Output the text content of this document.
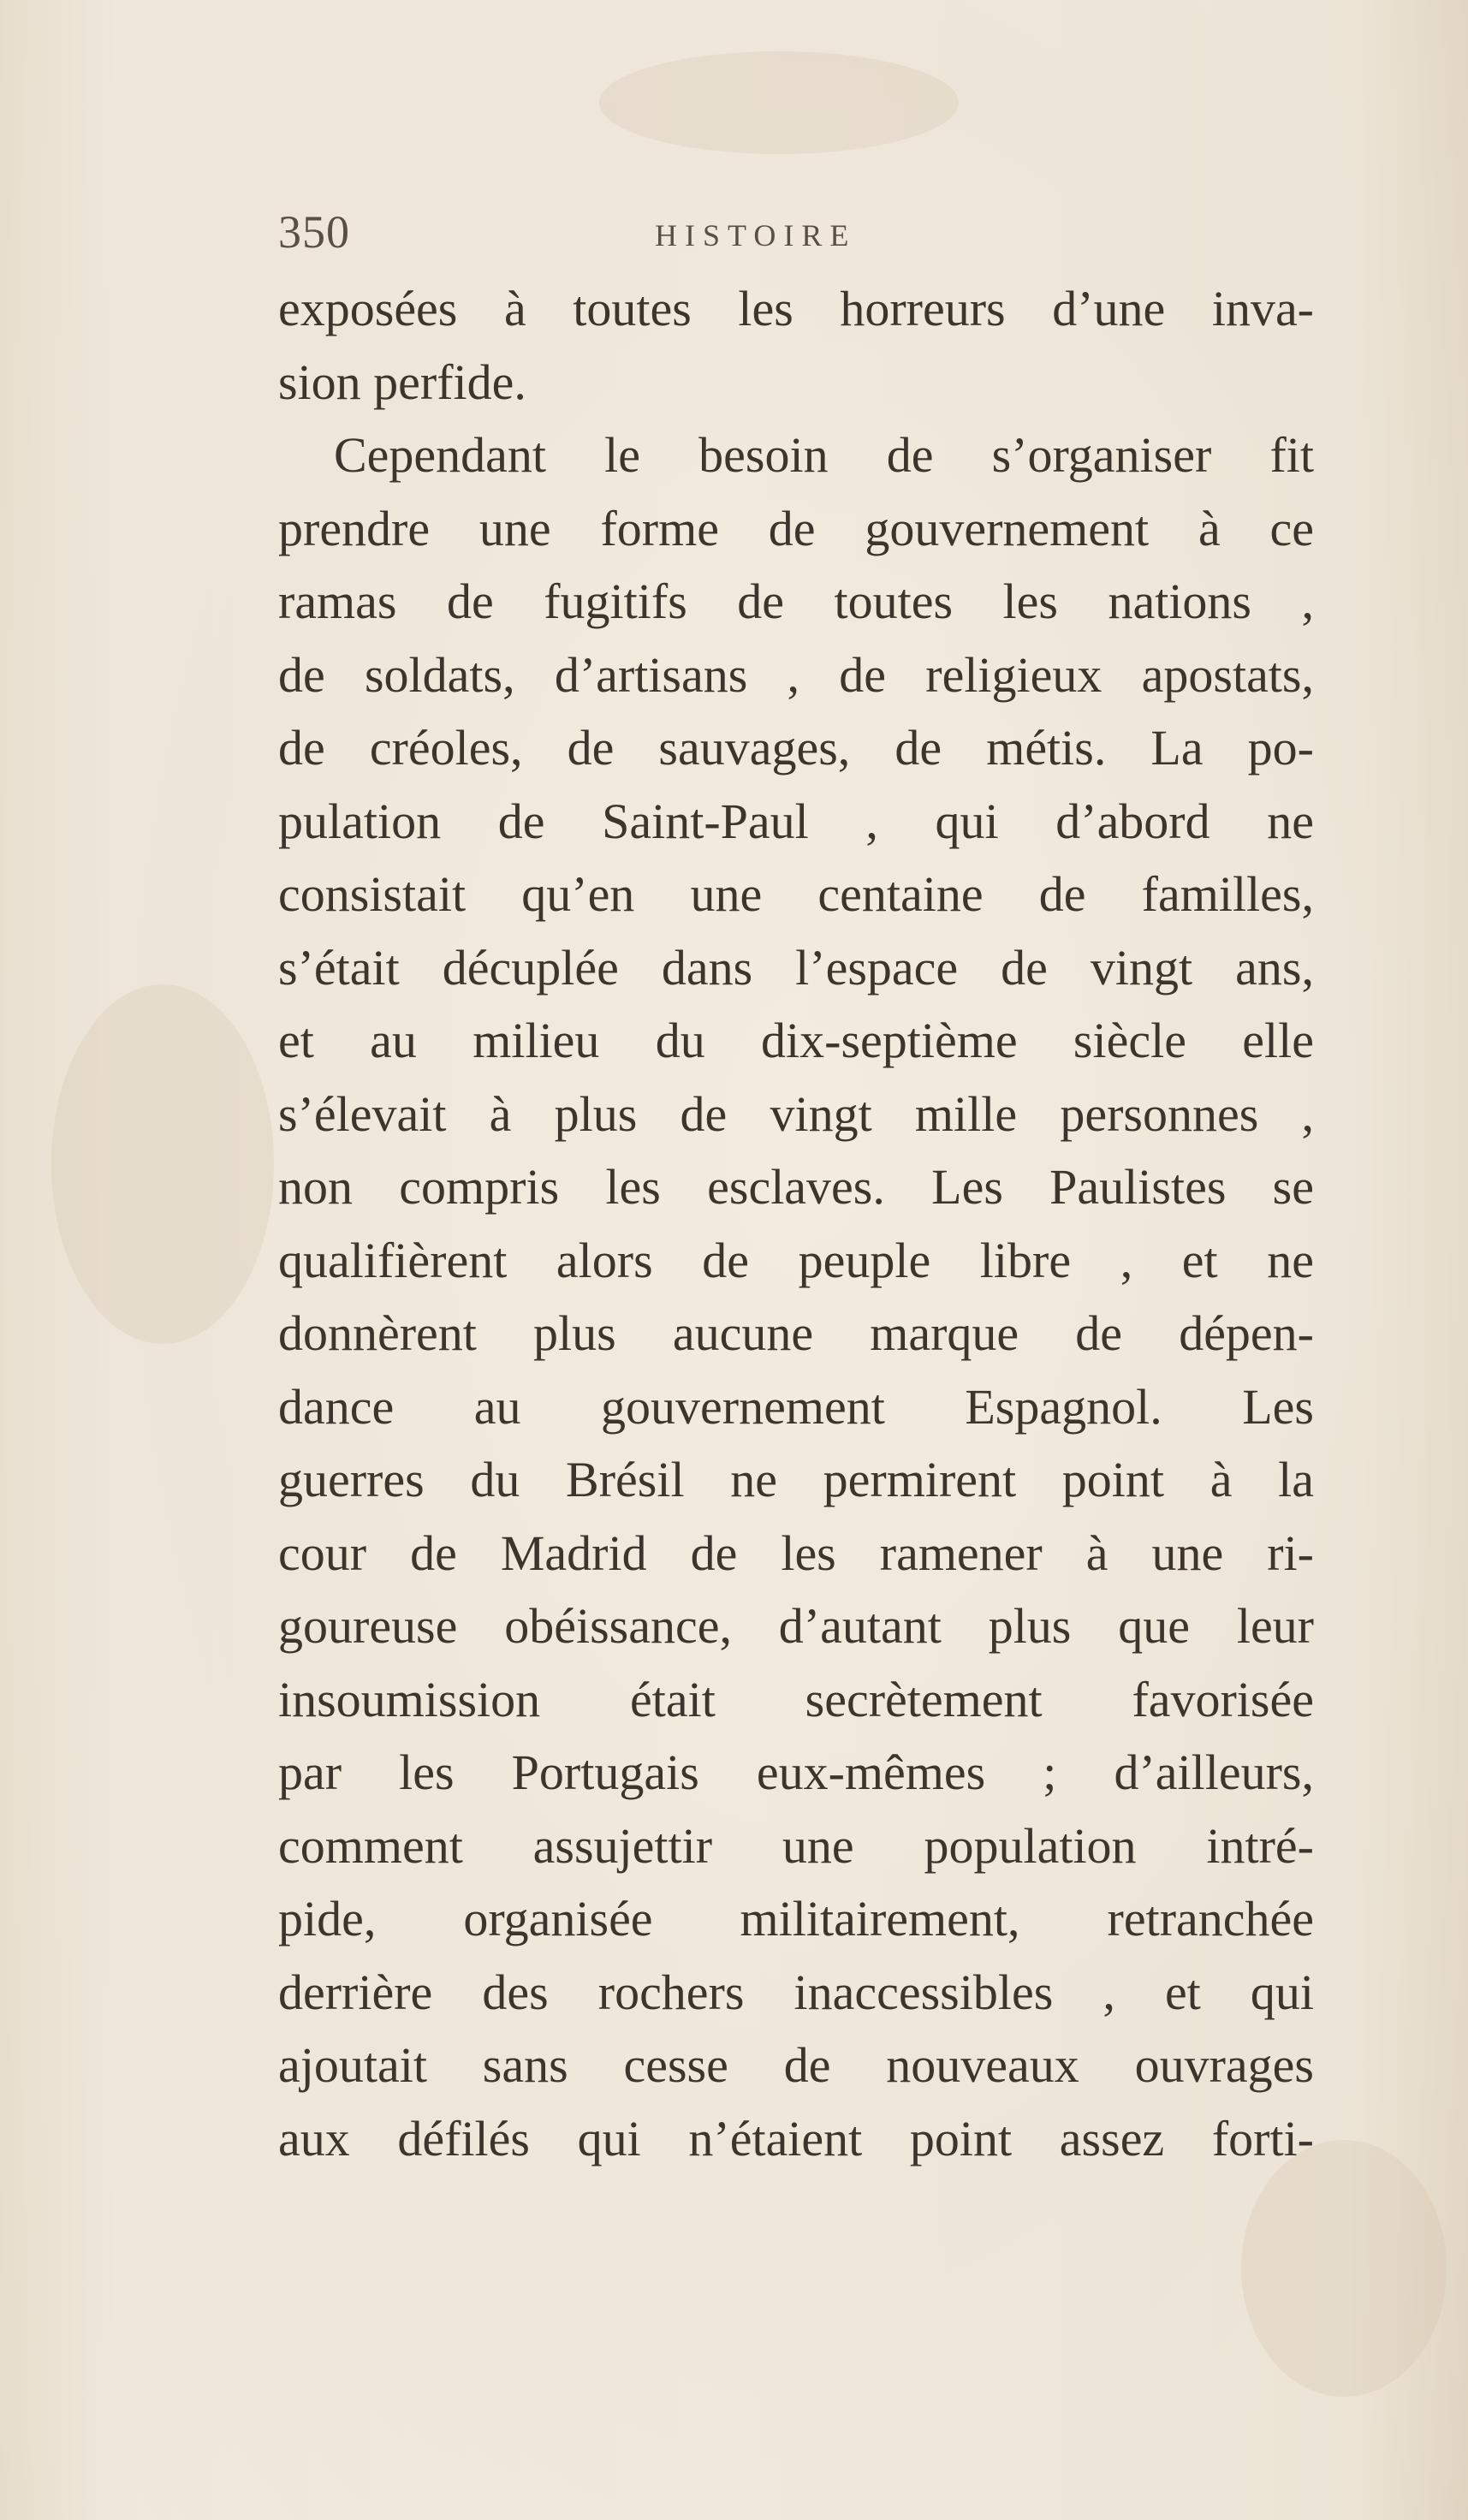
350	HISTOIRE
exposées à toutes les horreurs d’une inva-
sion perfide.
Cependant le besoin de s’organiser fit
prendre une forme de gouvernement à ce
ramas de fugitifs de toutes les nations ,
de soldats, d’artisans , de religieux apostats,
de créoles, de sauvages, de métis. La po-
pulation de Saint-Paul , qui d’abord ne
consistait qu’en une centaine de familles,
s’était décuplée dans l’espace de vingt ans,
et au milieu du dix-septième siècle elle
s’élevait à plus de vingt mille personnes ,
non compris les esclaves. Les Paulistes se
qualifièrent alors de peuple libre , et ne
donnèrent plus aucune marque de dépen-
dance au gouvernement Espagnol. Les
guerres du Brésil ne permirent point à la
cour de Madrid de les ramener à une ri-
goureuse obéissance, d’autant plus que leur
insoumission était secrètement favorisée
par les Portugais eux-mêmes ; d’ailleurs,
comment assujettir une population intré-
pide, organisée militairement, retranchée
derrière des rochers inaccessibles , et qui
ajoutait sans cesse de nouveaux ouvrages
aux défilés qui n’étaient point assez forti-
